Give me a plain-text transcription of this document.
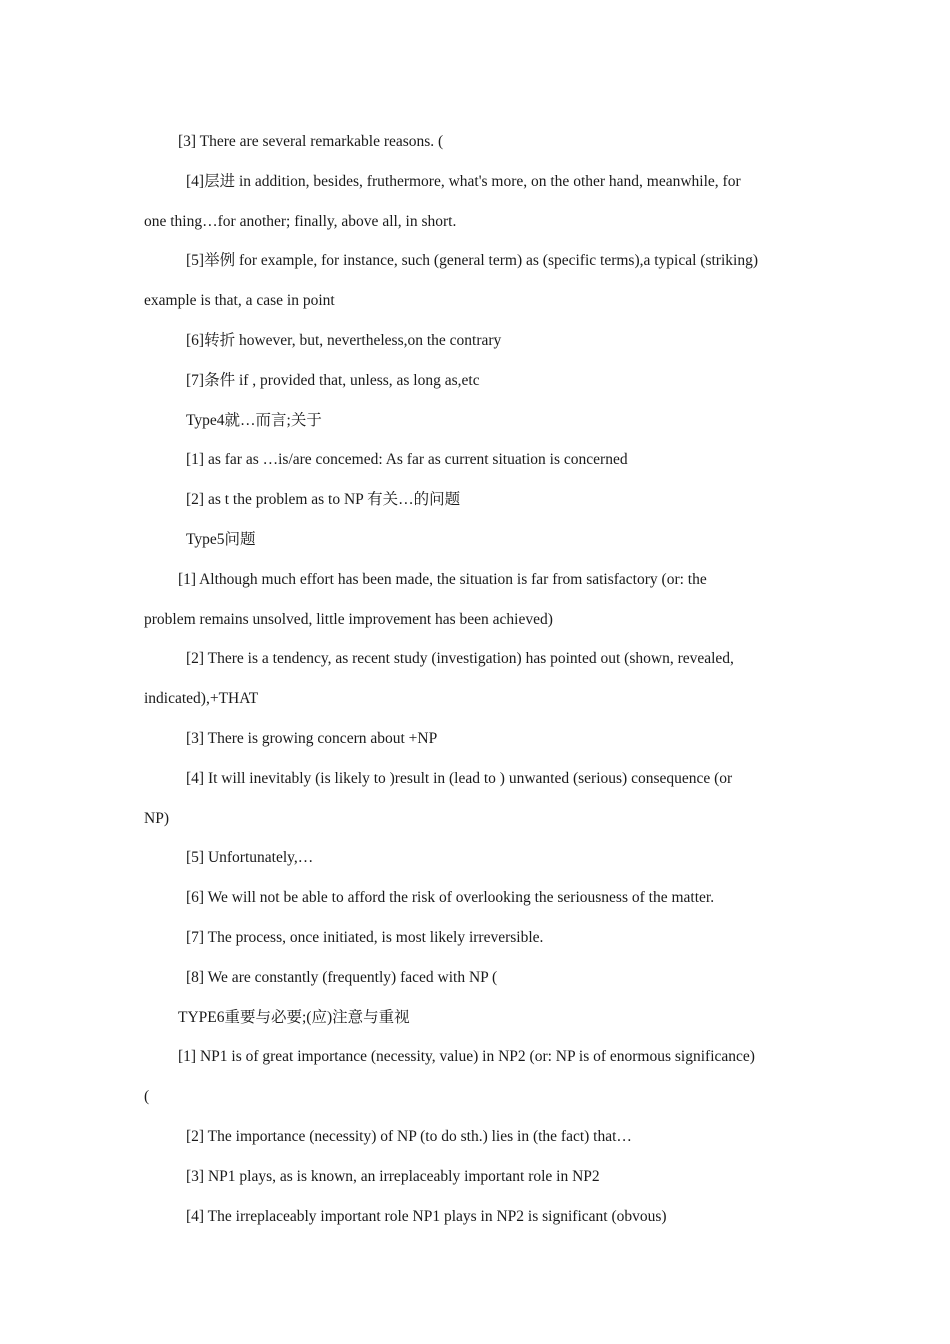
[3] There are several remarkable reasons. (
[4]层进 in addition, besides, fruthermore, what's more, on the other hand, meanwhile, for
one thing…for another; finally, above all, in short.
[5]举例 for example, for instance, such (general term) as (specific terms),a typical (striking)
example is that, a case in point
[6]转折 however, but, nevertheless,on the contrary
[7]条件 if , provided that, unless, as long as,etc
Type4就…而言;关于
[1] as far as …is/are concemed: As far as current situation is concerned
[2] as t the problem as to NP 有关…的问题
Type5问题
[1] Although much effort has been made, the situation is far from satisfactory (or: the
problem remains unsolved, little improvement has been achieved)
[2] There is a tendency, as recent study (investigation) has pointed out (shown, revealed,
indicated),+THAT
[3] There is growing concern about +NP
[4] It will inevitably (is likely to )result in (lead to ) unwanted (serious) consequence (or
NP)
[5] Unfortunately,…
[6] We will not be able to afford the risk of overlooking the seriousness of the matter.
[7] The process, once initiated, is most likely irreversible.
[8] We are constantly (frequently) faced with NP (
TYPE6重要与必要;(应)注意与重视
[1] NP1 is of great importance (necessity, value) in NP2 (or: NP is of enormous significance)
(
[2] The importance (necessity) of NP (to do sth.) lies in (the fact) that…
[3] NP1 plays, as is known, an irreplaceably important role in NP2
[4] The irreplaceably important role NP1 plays in NP2 is significant (obvous)
